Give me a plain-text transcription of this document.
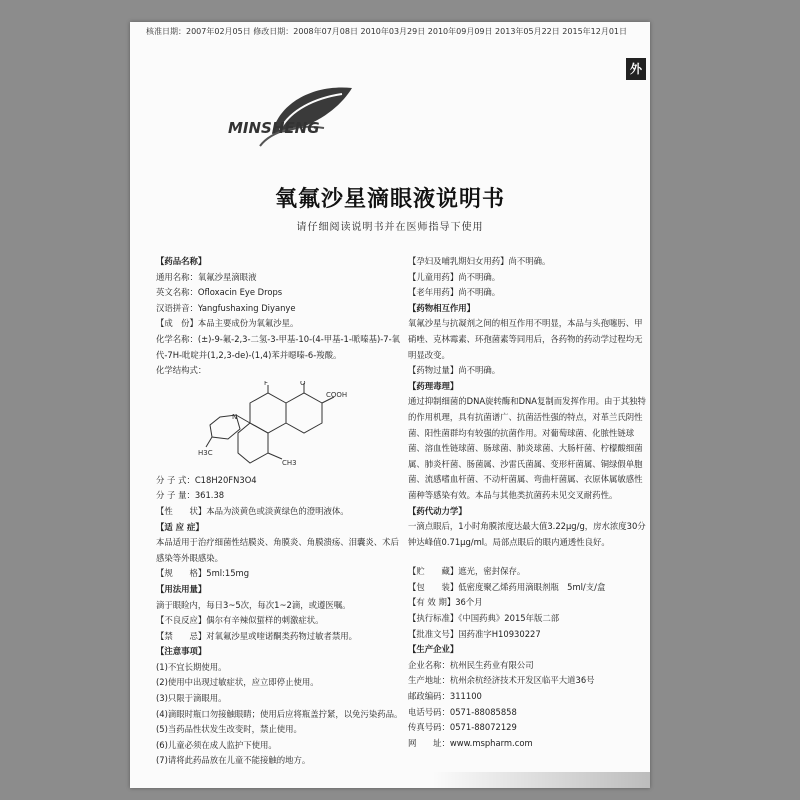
核准日期：2007年02月05日 修改日期：2008年07月08日 2010年03月29日 2010年09月09日 2013年05月22日 2015年12月01日
外
MINSHENG
氧氟沙星滴眼液说明书
请仔细阅读说明书并在医师指导下使用

【药品名称】

通用名称：氧氟沙星滴眼液

英文名称：Ofloxacin Eye Drops

汉语拼音：Yangfushaxing Diyanye

【成　份】本品主要成份为氧氟沙星。

化学名称：(±)-9-氟-2,3-二氢-3-甲基-10-(4-甲基-1-哌嗪基)-7-氧代-7H-吡啶并(1,2,3-de)-(1,4)苯并噁嗪-6-羧酸。

化学结构式：

F	O
COOH
N
H3C
CH3

分 子 式：C18H20FN3O4

分 子 量：361.38

【性　　状】本品为淡黄色或淡黄绿色的澄明液体。

【适 应 症】

本品适用于治疗细菌性结膜炎、角膜炎、角膜溃疡、泪囊炎、术后感染等外眼感染。

【规　　格】5ml:15mg

【用法用量】

滴于眼睑内，每日3~5次，每次1~2滴，或遵医嘱。

【不良反应】偶尔有辛辣似蜇样的刺激症状。

【禁　　忌】对氧氟沙星或喹诺酮类药物过敏者禁用。

【注意事项】

(1)不宜长期使用。

(2)使用中出现过敏症状，应立即停止使用。

(3)只限于滴眼用。

(4)滴眼时瓶口勿接触眼睛；使用后应将瓶盖拧紧，以免污染药品。

(5)当药品性状发生改变时，禁止使用。

(6)儿童必须在成人监护下使用。

(7)请将此药品放在儿童不能接触的地方。

【孕妇及哺乳期妇女用药】尚不明确。

【儿童用药】尚不明确。

【老年用药】尚不明确。

【药物相互作用】

氧氟沙星与抗凝剂之间的相互作用不明显，本品与头孢噻肟、甲硝唑、克林霉素、环孢菌素等同用后，各药物的药动学过程均无明显改变。

【药物过量】尚不明确。

【药理毒理】

通过抑制细菌的DNA旋转酶和DNA复制而发挥作用。由于其独特的作用机理，具有抗菌谱广、抗菌活性强的特点，对革兰氏阴性菌、阳性菌群均有较强的抗菌作用。对葡萄球菌、化脓性链球菌、溶血性链球菌、肠球菌、肺炎球菌、大肠杆菌、柠檬酸细菌属、肺炎杆菌、肠菌属、沙雷氏菌属、变形杆菌属、铜绿假单胞菌、流感嗜血杆菌、不动杆菌属、弯曲杆菌属、衣原体属敏感性菌种等感染有效。本品与其他类抗菌药未见交叉耐药性。

【药代动力学】

一滴点眼后，1小时角膜浓度达最大值3.22μg/g，房水浓度30分钟达峰值0.71μg/ml。局部点眼后的眼内通透性良好。

【贮　　藏】遮光，密封保存。

【包　　装】低密度聚乙烯药用滴眼剂瓶　5ml/支/盒

【有 效 期】36个月

【执行标准】《中国药典》2015年版二部

【批准文号】国药准字H10930227

【生产企业】

企业名称：杭州民生药业有限公司

生产地址：杭州余杭经济技术开发区临平大道36号

邮政编码：311100

电话号码：0571-88085858

传真号码：0571-88072129

网　　址：www.mspharm.com
